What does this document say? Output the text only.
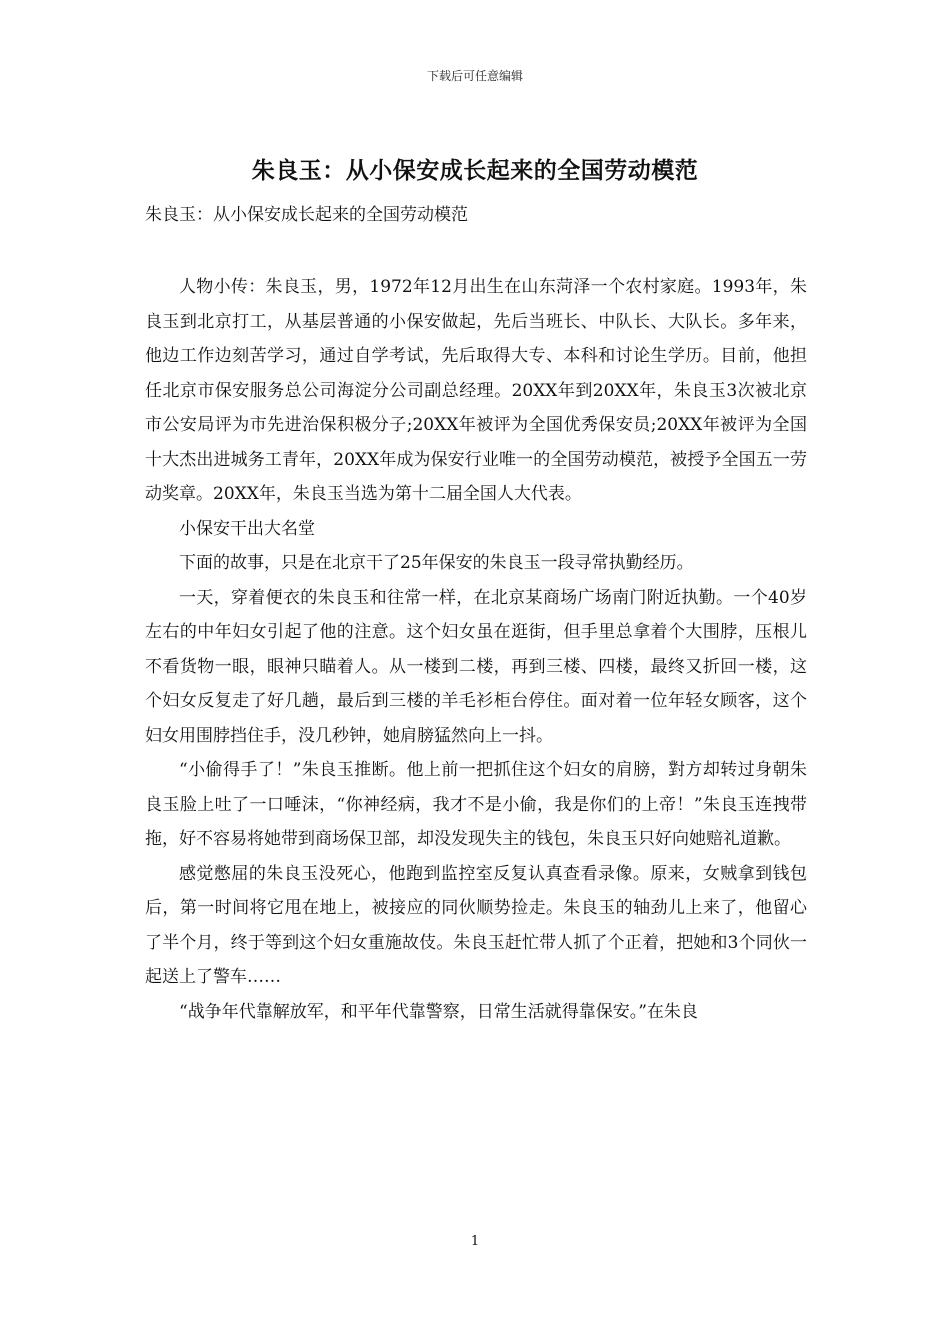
下载后可任意编辑
朱良玉：从小保安成长起来的全国劳动模范

朱良玉：从小保安成长起来的全国劳动模范

人物小传：朱良玉，男，1972年12月出生在山东菏泽一个农村家庭。1993年，朱良玉到北京打工，从基层普通的小保安做起，先后当班长、中队长、大队长。多年来，他边工作边刻苦学习，通过自学考试，先后取得大专、本科和讨论生学历。目前，他担任北京市保安服务总公司海淀分公司副总经理。20XX年到20XX年，朱良玉3次被北京市公安局评为市先进治保积极分子;20XX年被评为全国优秀保安员;20XX年被评为全国十大杰出进城务工青年，20XX年成为保安行业唯一的全国劳动模范，被授予全国五一劳动奖章。20XX年，朱良玉当选为第十二届全国人大代表。

小保安干出大名堂

下面的故事，只是在北京干了25年保安的朱良玉一段寻常执勤经历。

一天，穿着便衣的朱良玉和往常一样，在北京某商场广场南门附近执勤。一个40岁左右的中年妇女引起了他的注意。这个妇女虽在逛街，但手里总拿着个大围脖，压根儿不看货物一眼，眼神只瞄着人。从一楼到二楼，再到三楼、四楼，最终又折回一楼，这个妇女反复走了好几趟，最后到三楼的羊毛衫柜台停住。面对着一位年轻女顾客，这个妇女用围脖挡住手，没几秒钟，她肩膀猛然向上一抖。

“小偷得手了！”朱良玉推断。他上前一把抓住这个妇女的肩膀，對方却转过身朝朱良玉脸上吐了一口唾沫，“你神经病，我才不是小偷，我是你们的上帝！”朱良玉连拽带拖，好不容易将她带到商场保卫部，却没发现失主的钱包，朱良玉只好向她赔礼道歉。

感觉憋屈的朱良玉没死心，他跑到监控室反复认真查看录像。原来，女贼拿到钱包后，第一时间将它甩在地上，被接应的同伙顺势捡走。朱良玉的轴劲儿上来了，他留心了半个月，终于等到这个妇女重施故伎。朱良玉赶忙带人抓了个正着，把她和3个同伙一起送上了警车……

“战争年代靠解放军，和平年代靠警察，日常生活就得靠保安。”在朱良

1
